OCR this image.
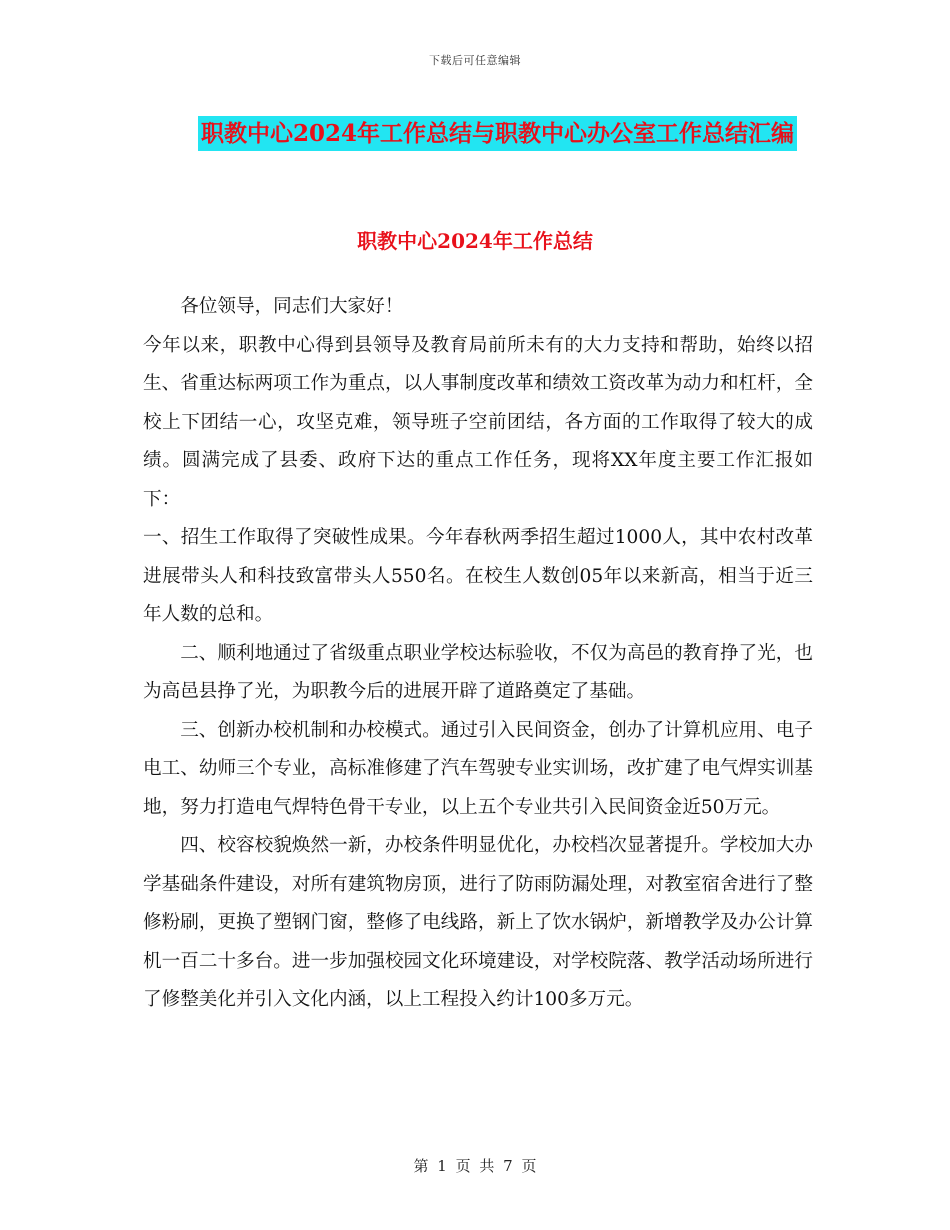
下载后可任意编辑
职教中心2024年工作总结与职教中心办公室工作总结汇编
职教中心2024年工作总结

各位领导，同志们大家好！

今年以来，职教中心得到县领导及教育局前所未有的大力支持和帮助，始终以招生、省重达标两项工作为重点，以人事制度改革和绩效工资改革为动力和杠杆，全校上下团结一心，攻坚克难，领导班子空前团结，各方面的工作取得了较大的成绩。圆满完成了县委、政府下达的重点工作任务，现将XX年度主要工作汇报如下：

一、招生工作取得了突破性成果。今年春秋两季招生超过1000人，其中农村改革进展带头人和科技致富带头人550名。在校生人数创05年以来新高，相当于近三年人数的总和。

二、顺利地通过了省级重点职业学校达标验收，不仅为高邑的教育挣了光，也为高邑县挣了光，为职教今后的进展开辟了道路奠定了基础。

三、创新办校机制和办校模式。通过引入民间资金，创办了计算机应用、电子电工、幼师三个专业，高标准修建了汽车驾驶专业实训场，改扩建了电气焊实训基地，努力打造电气焊特色骨干专业，以上五个专业共引入民间资金近50万元。

四、校容校貌焕然一新，办校条件明显优化，办校档次显著提升。学校加大办学基础条件建设，对所有建筑物房顶，进行了防雨防漏处理，对教室宿舍进行了整修粉刷，更换了塑钢门窗，整修了电线路，新上了饮水锅炉，新增教学及办公计算机一百二十多台。进一步加强校园文化环境建设，对学校院落、教学活动场所进行了修整美化并引入文化内涵，以上工程投入约计100多万元。

第 1 页 共 7 页
